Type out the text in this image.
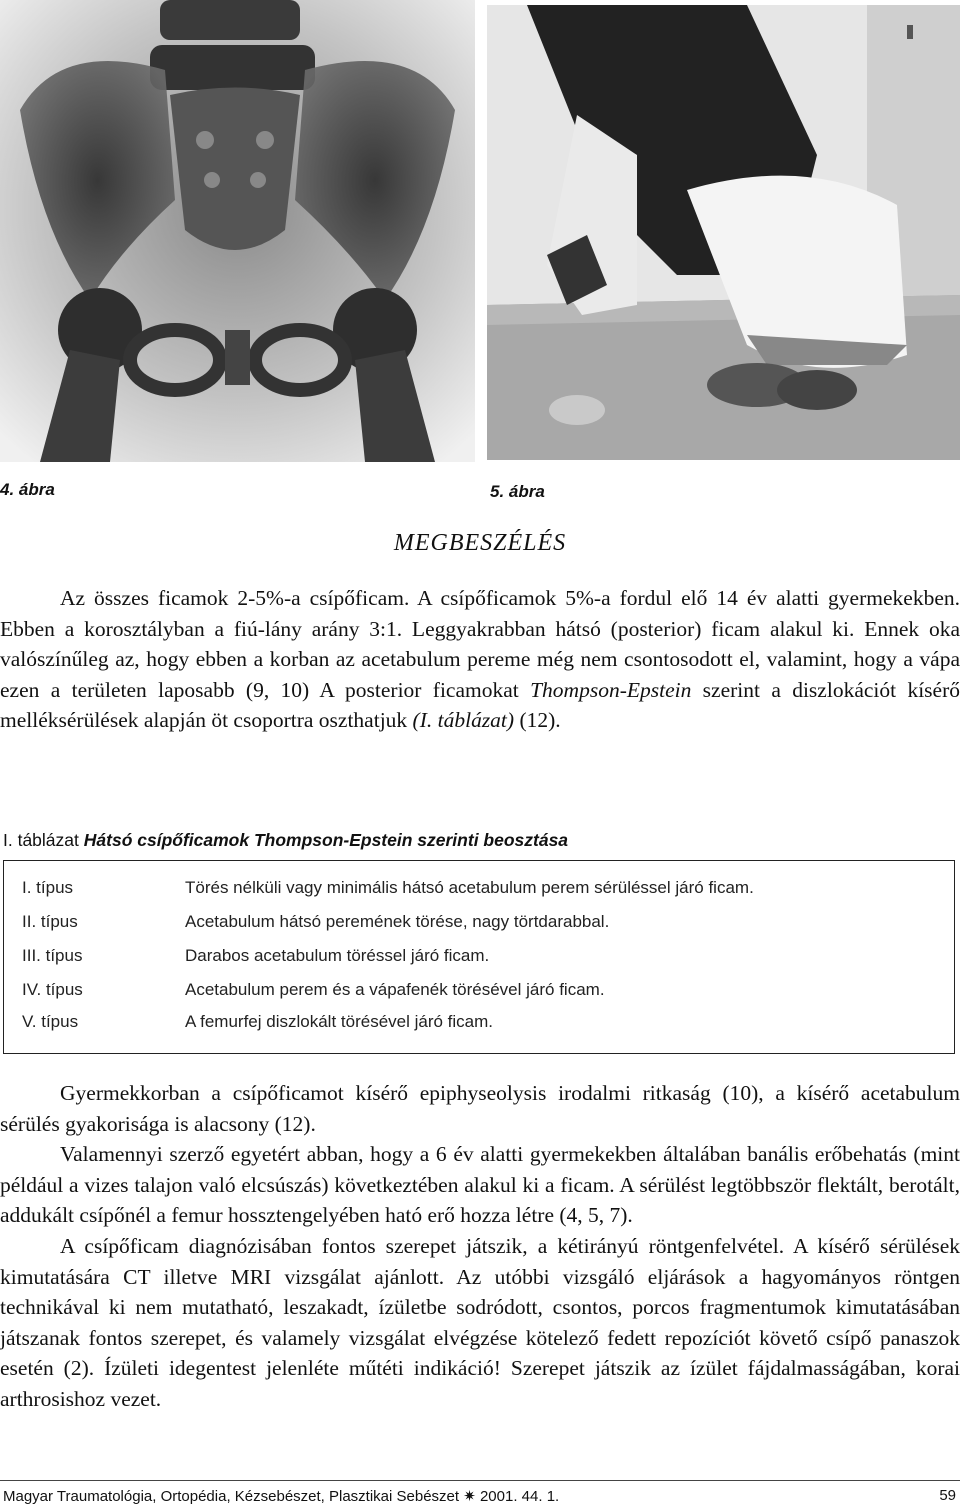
4. ábra	5. ábra
MEGBESZÉLÉS

Az összes ficamok 2-5%-a csípőficam. A csípőficamok 5%-a fordul elő 14 év alatti gyermekekben. Ebben a korosztályban a fiú-lány arány 3:1. Leggyakrabban hátsó (posterior) ficam alakul ki. Ennek oka valószínűleg az, hogy ebben a korban az acetabulum pereme még nem csontosodott el, valamint, hogy a vápa ezen a területen laposabb (9, 10) A posterior ficamokat Thompson-Epstein szerint a diszlokációt kísérő melléksérülések alapján öt csoportra oszthatjuk (I. táblázat) (12).

I. táblázat Hátsó csípőficamok Thompson-Epstein szerinti beosztása
I. típus	Törés nélküli vagy minimális hátsó acetabulum perem sérüléssel járó ficam.
II. típus	Acetabulum hátsó peremének törése, nagy törtdarabbal.
III. típus	Darabos acetabulum töréssel járó ficam.
IV. típus	Acetabulum perem és a vápafenék törésével járó ficam.
V. típus	A femurfej diszlokált törésével járó ficam.

Gyermekkorban a csípőficamot kísérő epiphyseolysis irodalmi ritkaság (10), a kísérő acetabulum sérülés gyakorisága is alacsony (12).

Valamennyi szerző egyetért abban, hogy a 6 év alatti gyermekekben általában banális erőbehatás (mint például a vizes talajon való elcsúszás) következtében alakul ki a ficam. A sérülést legtöbbször flektált, berotált, addukált csípőnél a femur hossztengelyében ható erő hozza létre (4, 5, 7).

A csípőficam diagnózisában fontos szerepet játszik, a kétirányú röntgenfelvétel. A kísérő sérülések kimutatására CT illetve MRI vizsgálat ajánlott. Az utóbbi vizsgáló eljárások a hagyományos röntgen technikával ki nem mutatható, leszakadt, ízületbe sodródott, csontos, porcos fragmentumok kimutatásában játszanak fontos szerepet, és valamely vizsgálat elvégzése kötelező fedett repozíciót követő csípő panaszok esetén (2). Ízületi idegentest jelenléte műtéti indikáció! Szerepet játszik az ízület fájdalmasságában, korai arthrosishoz vezet.

Magyar Traumatológia, Ortopédia, Kézsebészet, Plasztikai Sebészet ✷ 2001. 44. 1.	59
